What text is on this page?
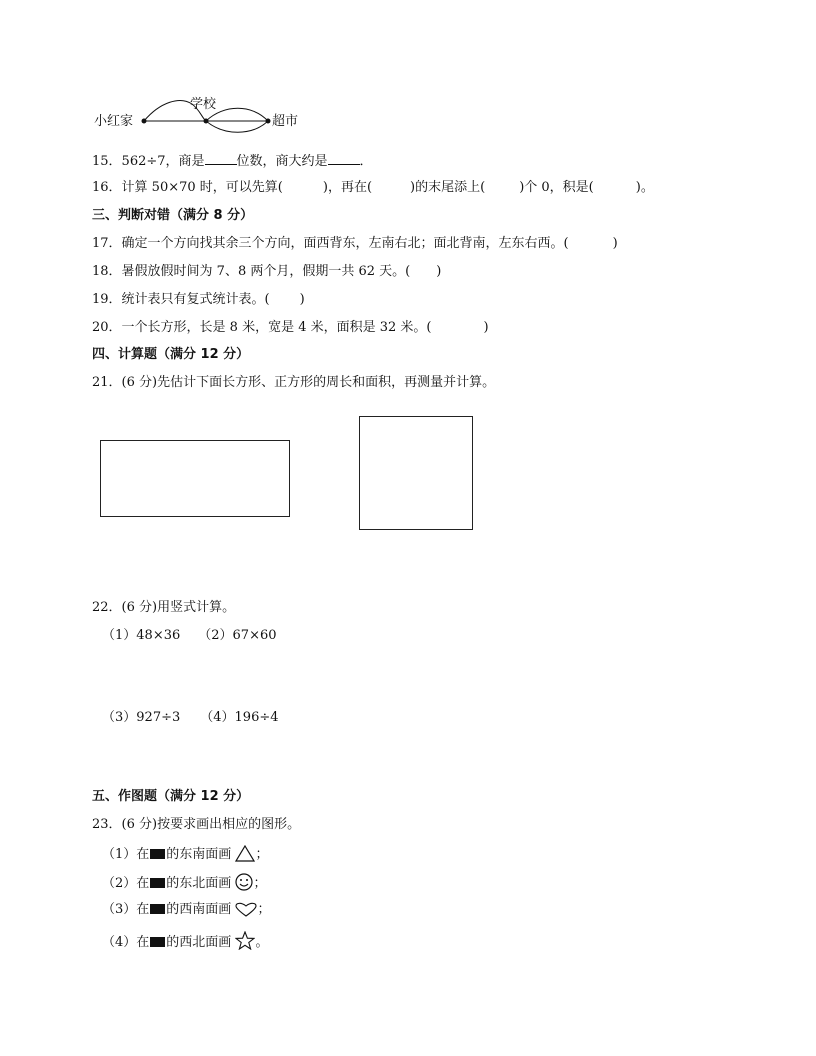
小红家
学校
超市
15．562÷7，商是 位数，商大约是 ．
16．计算 50×70 时，可以先算(	)，再在(	)的末尾添上(	)个 0，积是(	)。
三、判断对错（满分 8 分）
17．确定一个方向找其余三个方向，面西背东，左南右北；面北背南，左东右西。(	)
18．暑假放假时间为 7、8 两个月，假期一共 62 天。( )
19．统计表只有复式统计表。( )
20．一个长方形，长是 8 米，宽是 4 米，面积是 32 米。(	)
四、计算题（满分 12 分）
21．(6 分)先估计下面长方形、正方形的周长和面积，再测量并计算。
22．(6 分)用竖式计算。
（1）48×36 （2）67×60
（3）927÷3 （4）196÷4
五、作图题（满分 12 分）
23．(6 分)按要求画出相应的图形。
（1）在 的东南面画 ；
（2）在 的东北面画 ；
（3）在 的西南面画 ；
（4）在 的西北面画 。
